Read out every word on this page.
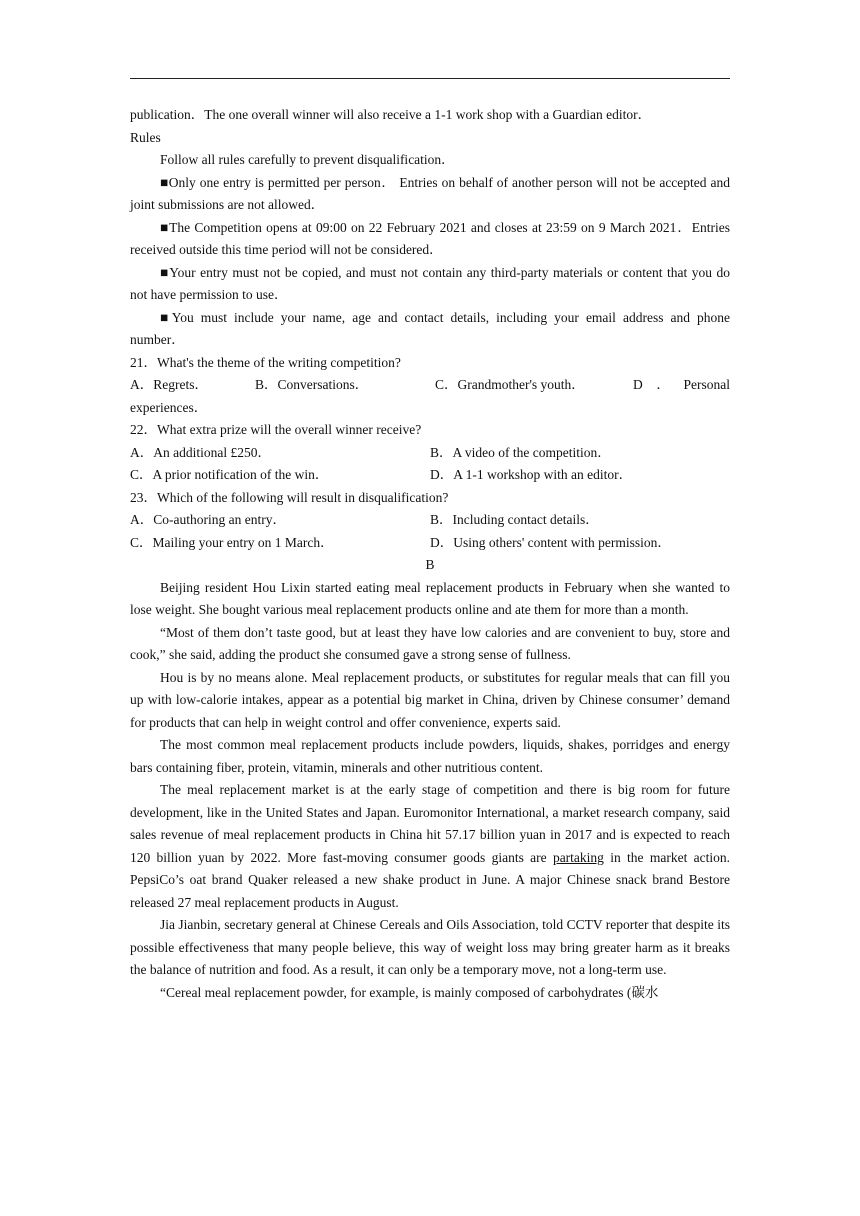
publication．The one overall winner will also receive a 1-1 work shop with a Guardian editor．

Rules

Follow all rules carefully to prevent disqualification．

■Only one entry is permitted per person． Entries on behalf of another person will not be accepted and joint submissions are not allowed．

■The Competition opens at 09:00 on 22 February 2021 and closes at 23:59 on 9 March 2021．Entries received outside this time period will not be considered．

■Your entry must not be copied, and must not contain any third-party materials or content that you do not have permission to use．

■You must include your name, age and contact details, including your email address and phone number．

21．What's the theme of the writing competition?

A．Regrets．	B．Conversations．	C．Grandmother's youth．	D．Personal experiences．

22．What extra prize will the overall winner receive?

A．An additional £250．	B．A video of the competition．
C．A prior notification of the win．	D．A 1-1 workshop with an editor．

23．Which of the following will result in disqualification?

A．Co-authoring an entry．	B．Including contact details．
C．Mailing your entry on 1 March．	D．Using others' content with permission．

B

Beijing resident Hou Lixin started eating meal replacement products in February when she wanted to lose weight. She bought various meal replacement products online and ate them for more than a month.

“Most of them don’t taste good, but at least they have low calories and are convenient to buy, store and cook,” she said, adding the product she consumed gave a strong sense of fullness.

Hou is by no means alone. Meal replacement products, or substitutes for regular meals that can fill you up with low-calorie intakes, appear as a potential big market in China, driven by Chinese consumer’ demand for products that can help in weight control and offer convenience, experts said.

The most common meal replacement products include powders, liquids, shakes, porridges and energy bars containing fiber, protein, vitamin, minerals and other nutritious content.

The meal replacement market is at the early stage of competition and there is big room for future development, like in the United States and Japan. Euromonitor International, a market research company, said sales revenue of meal replacement products in China hit 57.17 billion yuan in 2017 and is expected to reach 120 billion yuan by 2022. More fast-moving consumer goods giants are partaking in the market action. PepsiCo’s oat brand Quaker released a new shake product in June. A major Chinese snack brand Bestore released 27 meal replacement products in August.

Jia Jianbin, secretary general at Chinese Cereals and Oils Association, told CCTV reporter that despite its possible effectiveness that many people believe, this way of weight loss may bring greater harm as it breaks the balance of nutrition and food. As a result, it can only be a temporary move, not a long-term use.

“Cereal meal replacement powder, for example, is mainly composed of carbohydrates (碳水
